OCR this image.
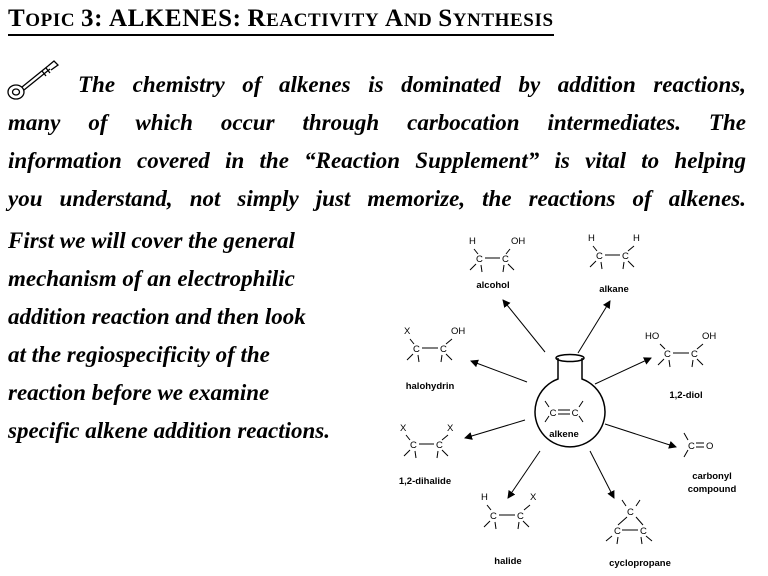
TOPIC 3: ALKENES: REACTIVITY AND SYNTHESIS
The chemistry of alkenes is dominated by addition reactions,
many of which occur through carbocation intermediates. The
information covered in the “Reaction Supplement” is vital to helping
you understand, not simply just memorize, the reactions of alkenes.
First we will cover the general
mechanism of an electrophilic
addition reaction and then look
at the regiospecificity of the
reaction before we examine
specific alkene addition reactions.
C C
alkene
H	OH
C C
alcohol
H	H
C C
alkane
X	OH
C C
halohydrin
HO	OH
C C
1,2-diol
X	X
C C
1,2-dihalide
C O
carbonyl
compound
H	X
C C
halide
C
C C
cyclopropane
